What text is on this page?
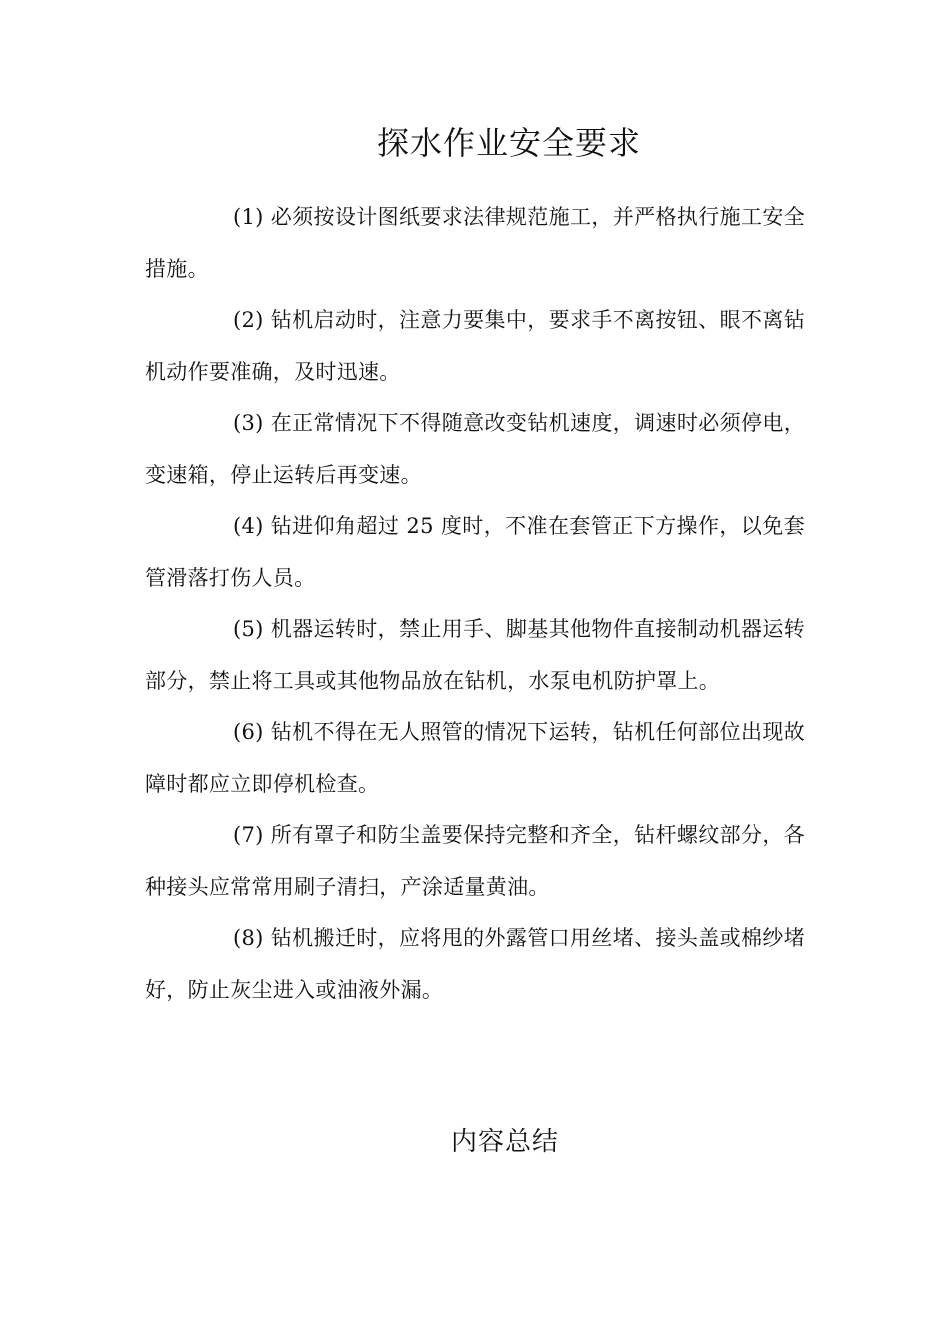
探水作业安全要求

(1) 必须按设计图纸要求法律规范施工，并严格执行施工安全措施。

(2) 钻机启动时，注意力要集中，要求手不离按钮、眼不离钻机动作要准确，及时迅速。

(3) 在正常情况下不得随意改变钻机速度，调速时必须停电，变速箱，停止运转后再变速。

(4) 钻进仰角超过 25 度时，不准在套管正下方操作，以免套管滑落打伤人员。

(5) 机器运转时，禁止用手、脚基其他物件直接制动机器运转部分，禁止将工具或其他物品放在钻机，水泵电机防护罩上。

(6) 钻机不得在无人照管的情况下运转，钻机任何部位出现故障时都应立即停机检查。

(7) 所有罩子和防尘盖要保持完整和齐全，钻杆螺纹部分，各种接头应常常用刷子清扫，产涂适量黄油。

(8) 钻机搬迁时，应将甩的外露管口用丝堵、接头盖或棉纱堵好，防止灰尘进入或油液外漏。

内容总结
